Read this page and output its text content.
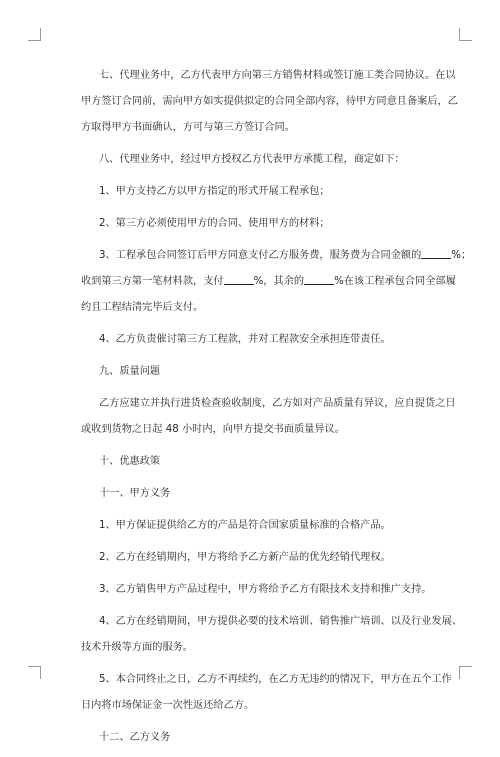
七、代理业务中，乙方代表甲方向第三方销售材料或签订施工类合同协议。在以
甲方签订合同前，需向甲方如实提供拟定的合同全部内容，待甲方同意且备案后，乙
方取得甲方书面确认，方可与第三方签订合同。
八、代理业务中，经过甲方授权乙方代表甲方承揽工程，商定如下：
1、甲方支持乙方以甲方指定的形式开展工程承包；
2、第三方必须使用甲方的合同、使用甲方的材料；
3、工程承包合同签订后甲方同意支付乙方服务费，服务费为合同金额的	%；
收到第三方第一笔材料款，支付	%，其余的	%在该工程承包合同全部履
约且工程结清完毕后支付。
4、乙方负责催讨第三方工程款，并对工程款安全承担连带责任。
九、质量问题
乙方应建立并执行进货检查验收制度，乙方如对产品质量有异议，应自提货之日
或收到货物之日起 48 小时内，向甲方提交书面质量异议。
十、优惠政策
十一、甲方义务
1、甲方保证提供给乙方的产品是符合国家质量标准的合格产品。
2、乙方在经销期内，甲方将给予乙方新产品的优先经销代理权。
3、乙方销售甲方产品过程中，甲方将给予乙方有限技术支持和推广支持。
4、乙方在经销期间，甲方提供必要的技术培训、销售推广培训、以及行业发展、
技术升级等方面的服务。
5、本合同终止之日，乙方不再续约，在乙方无违约的情况下，甲方在五个工作
日内将市场保证金一次性返还给乙方。
十二、乙方义务
